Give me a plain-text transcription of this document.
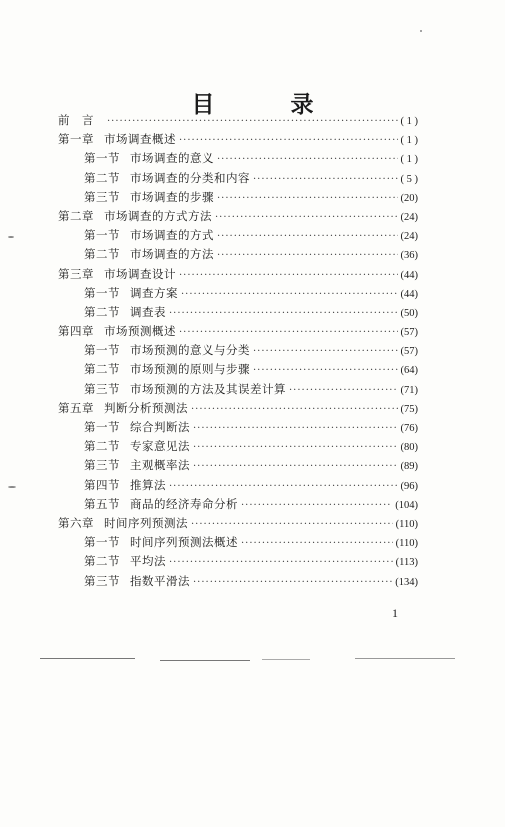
目 录
前　言 ·····	( 1 )
第一章 市场调查概述 ·····	( 1 )
第一节 市场调查的意义 ·····	( 1 )
第二节 市场调查的分类和内容 ·····	( 5 )
第三节 市场调查的步骤 ·····	(20)
第二章 市场调查的方式方法 ·····	(24)
第一节 市场调查的方式 ·····	(24)
第二节 市场调查的方法 ·····	(36)
第三章 市场调查设计 ·····	(44)
第一节 调查方案 ·····	(44)
第二节 调查表 ·····	(50)
第四章 市场预测概述 ·····	(57)
第一节 市场预测的意义与分类 ·····	(57)
第二节 市场预测的原则与步骤 ·····	(64)
第三节 市场预测的方法及其误差计算 ·····	(71)
第五章 判断分析预测法 ·····	(75)
第一节 综合判断法 ·····	(76)
第二节 专家意见法 ·····	(80)
第三节 主观概率法 ·····	(89)
第四节 推算法 ·····	(96)
第五节 商品的经济寿命分析 ·····	(104)
第六章 时间序列预测法 ·····	(110)
第一节 时间序列预测法概述 ·····	(110)
第二节 平均法 ·····	(113)
第三节 指数平滑法 ·····	(134)
1
